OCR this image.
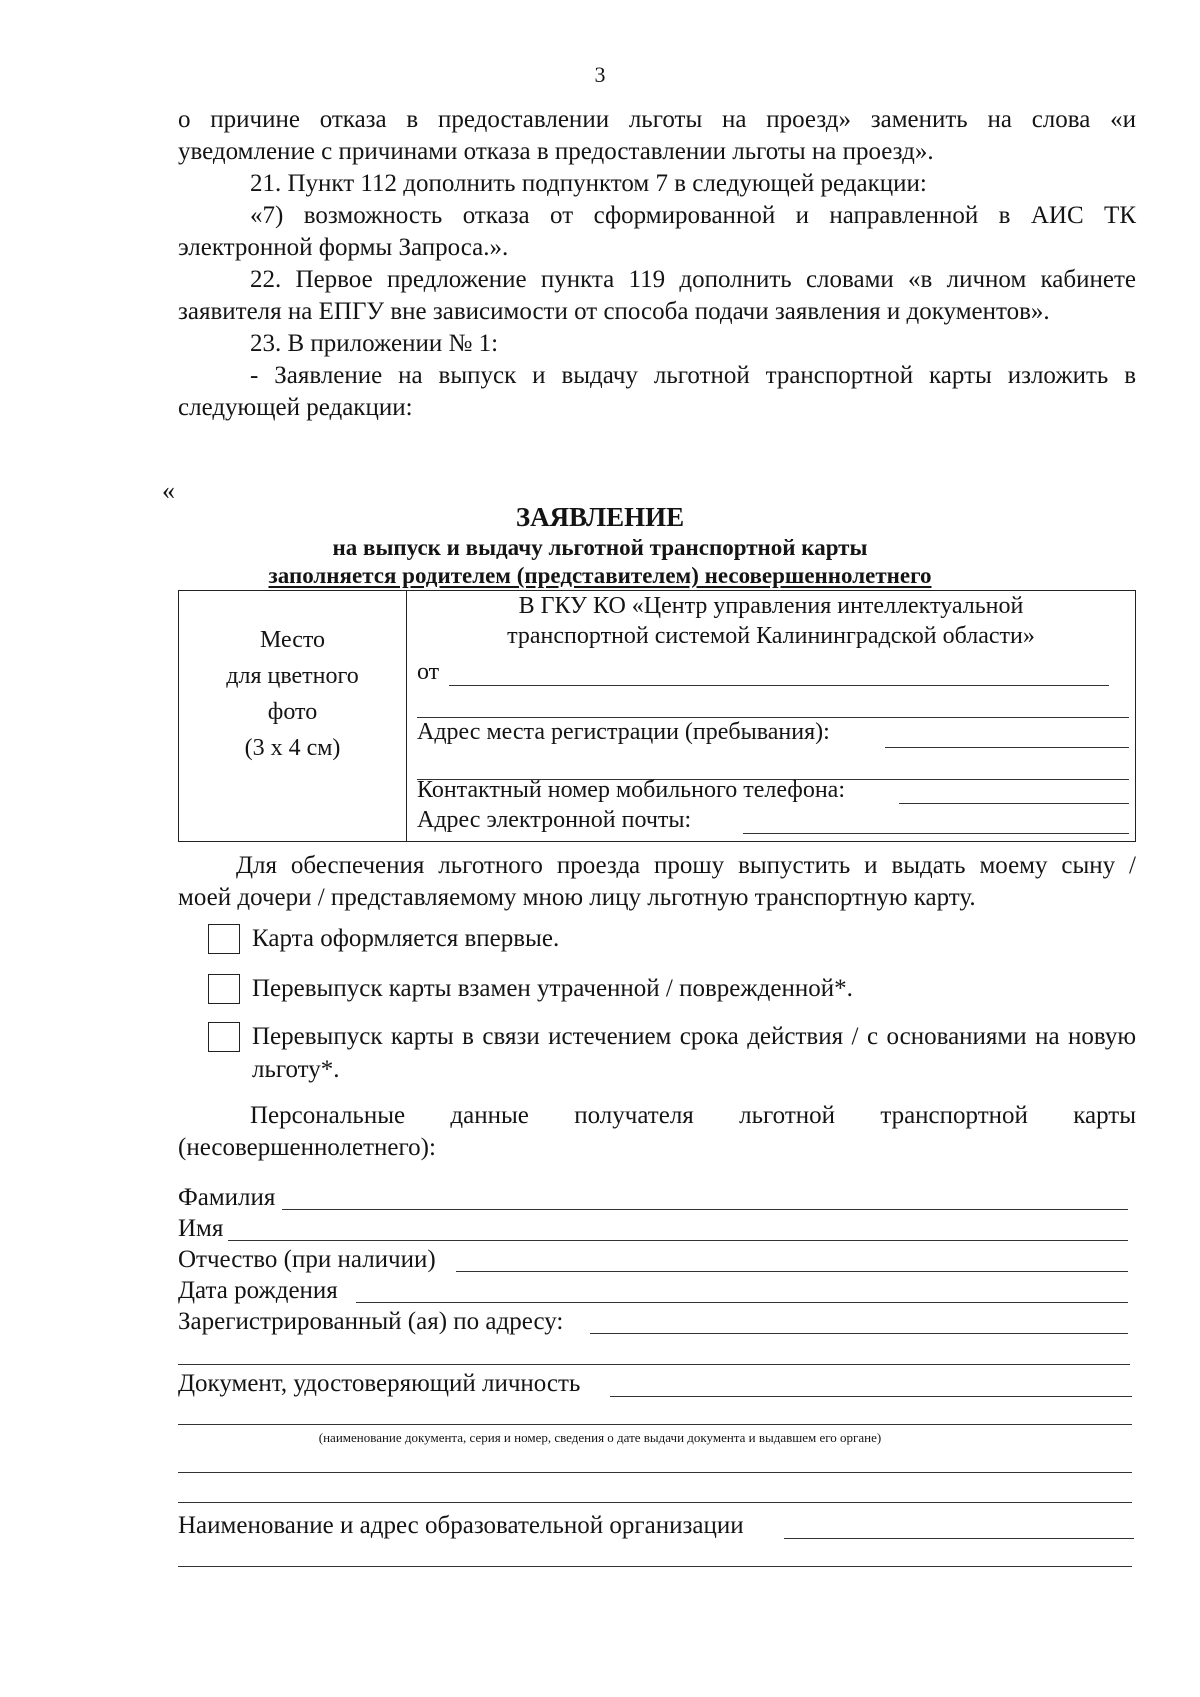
3
о причине отказа в предоставлении льготы на проезд» заменить на слова «и
уведомление с причинами отказа в предоставлении льготы на проезд».
21. Пункт 112 дополнить подпунктом 7 в следующей редакции:
«7) возможность отказа от сформированной и направленной в АИС ТК электронной формы Запроса.».
22. Первое предложение пункта 119 дополнить словами «в личном кабинете заявителя на ЕПГУ вне зависимости от способа подачи заявления и документов».
23. В приложении № 1:
- Заявление на выпуск и выдачу льготной транспортной карты изложить в следующей редакции:
«
ЗАЯВЛЕНИЕ
на выпуск и выдачу льготной транспортной карты
заполняется родителем (представителем) несовершеннолетнего
Место
для цветного
фото
(3 x 4 см)
В ГКУ КО «Центр управления интеллектуальной
транспортной системой Калининградской области»
от
Адрес места регистрации (пребывания):
Контактный номер мобильного телефона:
Адрес электронной почты:
Для обеспечения льготного проезда прошу выпустить и выдать моему сыну /
моей дочери / представляемому мною лицу льготную транспортную карту.
Карта оформляется впервые.
Перевыпуск карты взамен утраченной / поврежденной*.
Перевыпуск карты в связи истечением срока действия / с основаниями на новую льготу*.
Персональные данные получателя льготной транспортной карты
(несовершеннолетнего):
Фамилия
Имя
Отчество (при наличии)
Дата рождения
Зарегистрированный (ая) по адресу:
Документ, удостоверяющий личность
(наименование документа, серия и номер, сведения о дате выдачи документа и выдавшем его органе)
Наименование и адрес образовательной организации
